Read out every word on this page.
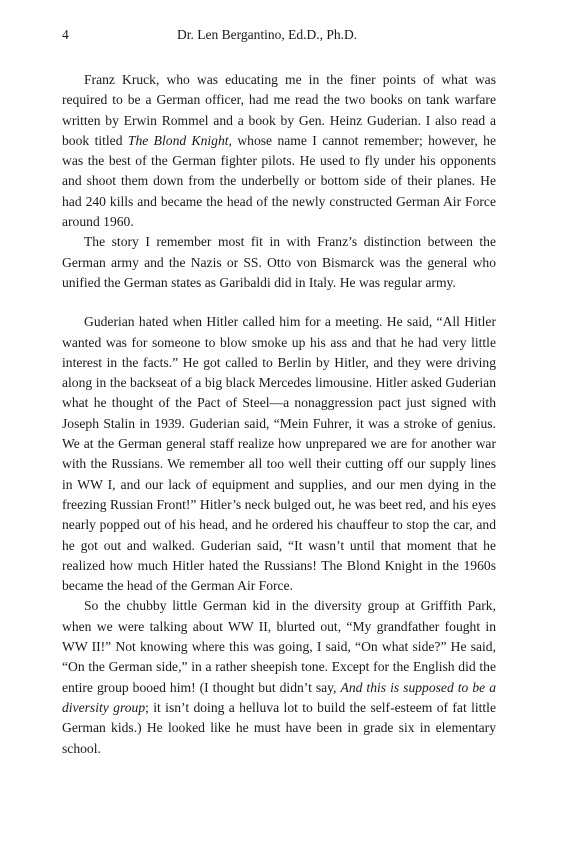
4	Dr. Len Bergantino, Ed.D., Ph.D.

Franz Kruck, who was educating me in the finer points of what was required to be a German officer, had me read the two books on tank warfare written by Erwin Rommel and a book by Gen. Heinz Guderian. I also read a book titled The Blond Knight, whose name I cannot remember; however, he was the best of the German fighter pilots. He used to fly under his opponents and shoot them down from the underbelly or bottom side of their planes. He had 240 kills and became the head of the newly constructed German Air Force around 1960.

The story I remember most fit in with Franz’s distinction between the German army and the Nazis or SS. Otto von Bismarck was the general who unified the German states as Garibaldi did in Italy. He was regular army.

Guderian hated when Hitler called him for a meeting. He said, “All Hitler wanted was for someone to blow smoke up his ass and that he had very little interest in the facts.” He got called to Berlin by Hitler, and they were driving along in the backseat of a big black Mercedes limousine. Hitler asked Guderian what he thought of the Pact of Steel—a nonaggression pact just signed with Joseph Stalin in 1939. Guderian said, “Mein Fuhrer, it was a stroke of genius. We at the German general staff realize how unprepared we are for another war with the Russians. We remember all too well their cutting off our supply lines in WW I, and our lack of equipment and supplies, and our men dying in the freezing Russian Front!” Hitler’s neck bulged out, he was beet red, and his eyes nearly popped out of his head, and he ordered his chauffeur to stop the car, and he got out and walked. Guderian said, “It wasn’t until that moment that he realized how much Hitler hated the Russians! The Blond Knight in the 1960s became the head of the German Air Force.

So the chubby little German kid in the diversity group at Griffith Park, when we were talking about WW II, blurted out, “My grandfather fought in WW II!” Not knowing where this was going, I said, “On what side?” He said, “On the German side,” in a rather sheepish tone. Except for the English did the entire group booed him! (I thought but didn’t say, And this is supposed to be a diversity group; it isn’t doing a helluva lot to build the self-esteem of fat little German kids.) He looked like he must have been in grade six in elementary school.
